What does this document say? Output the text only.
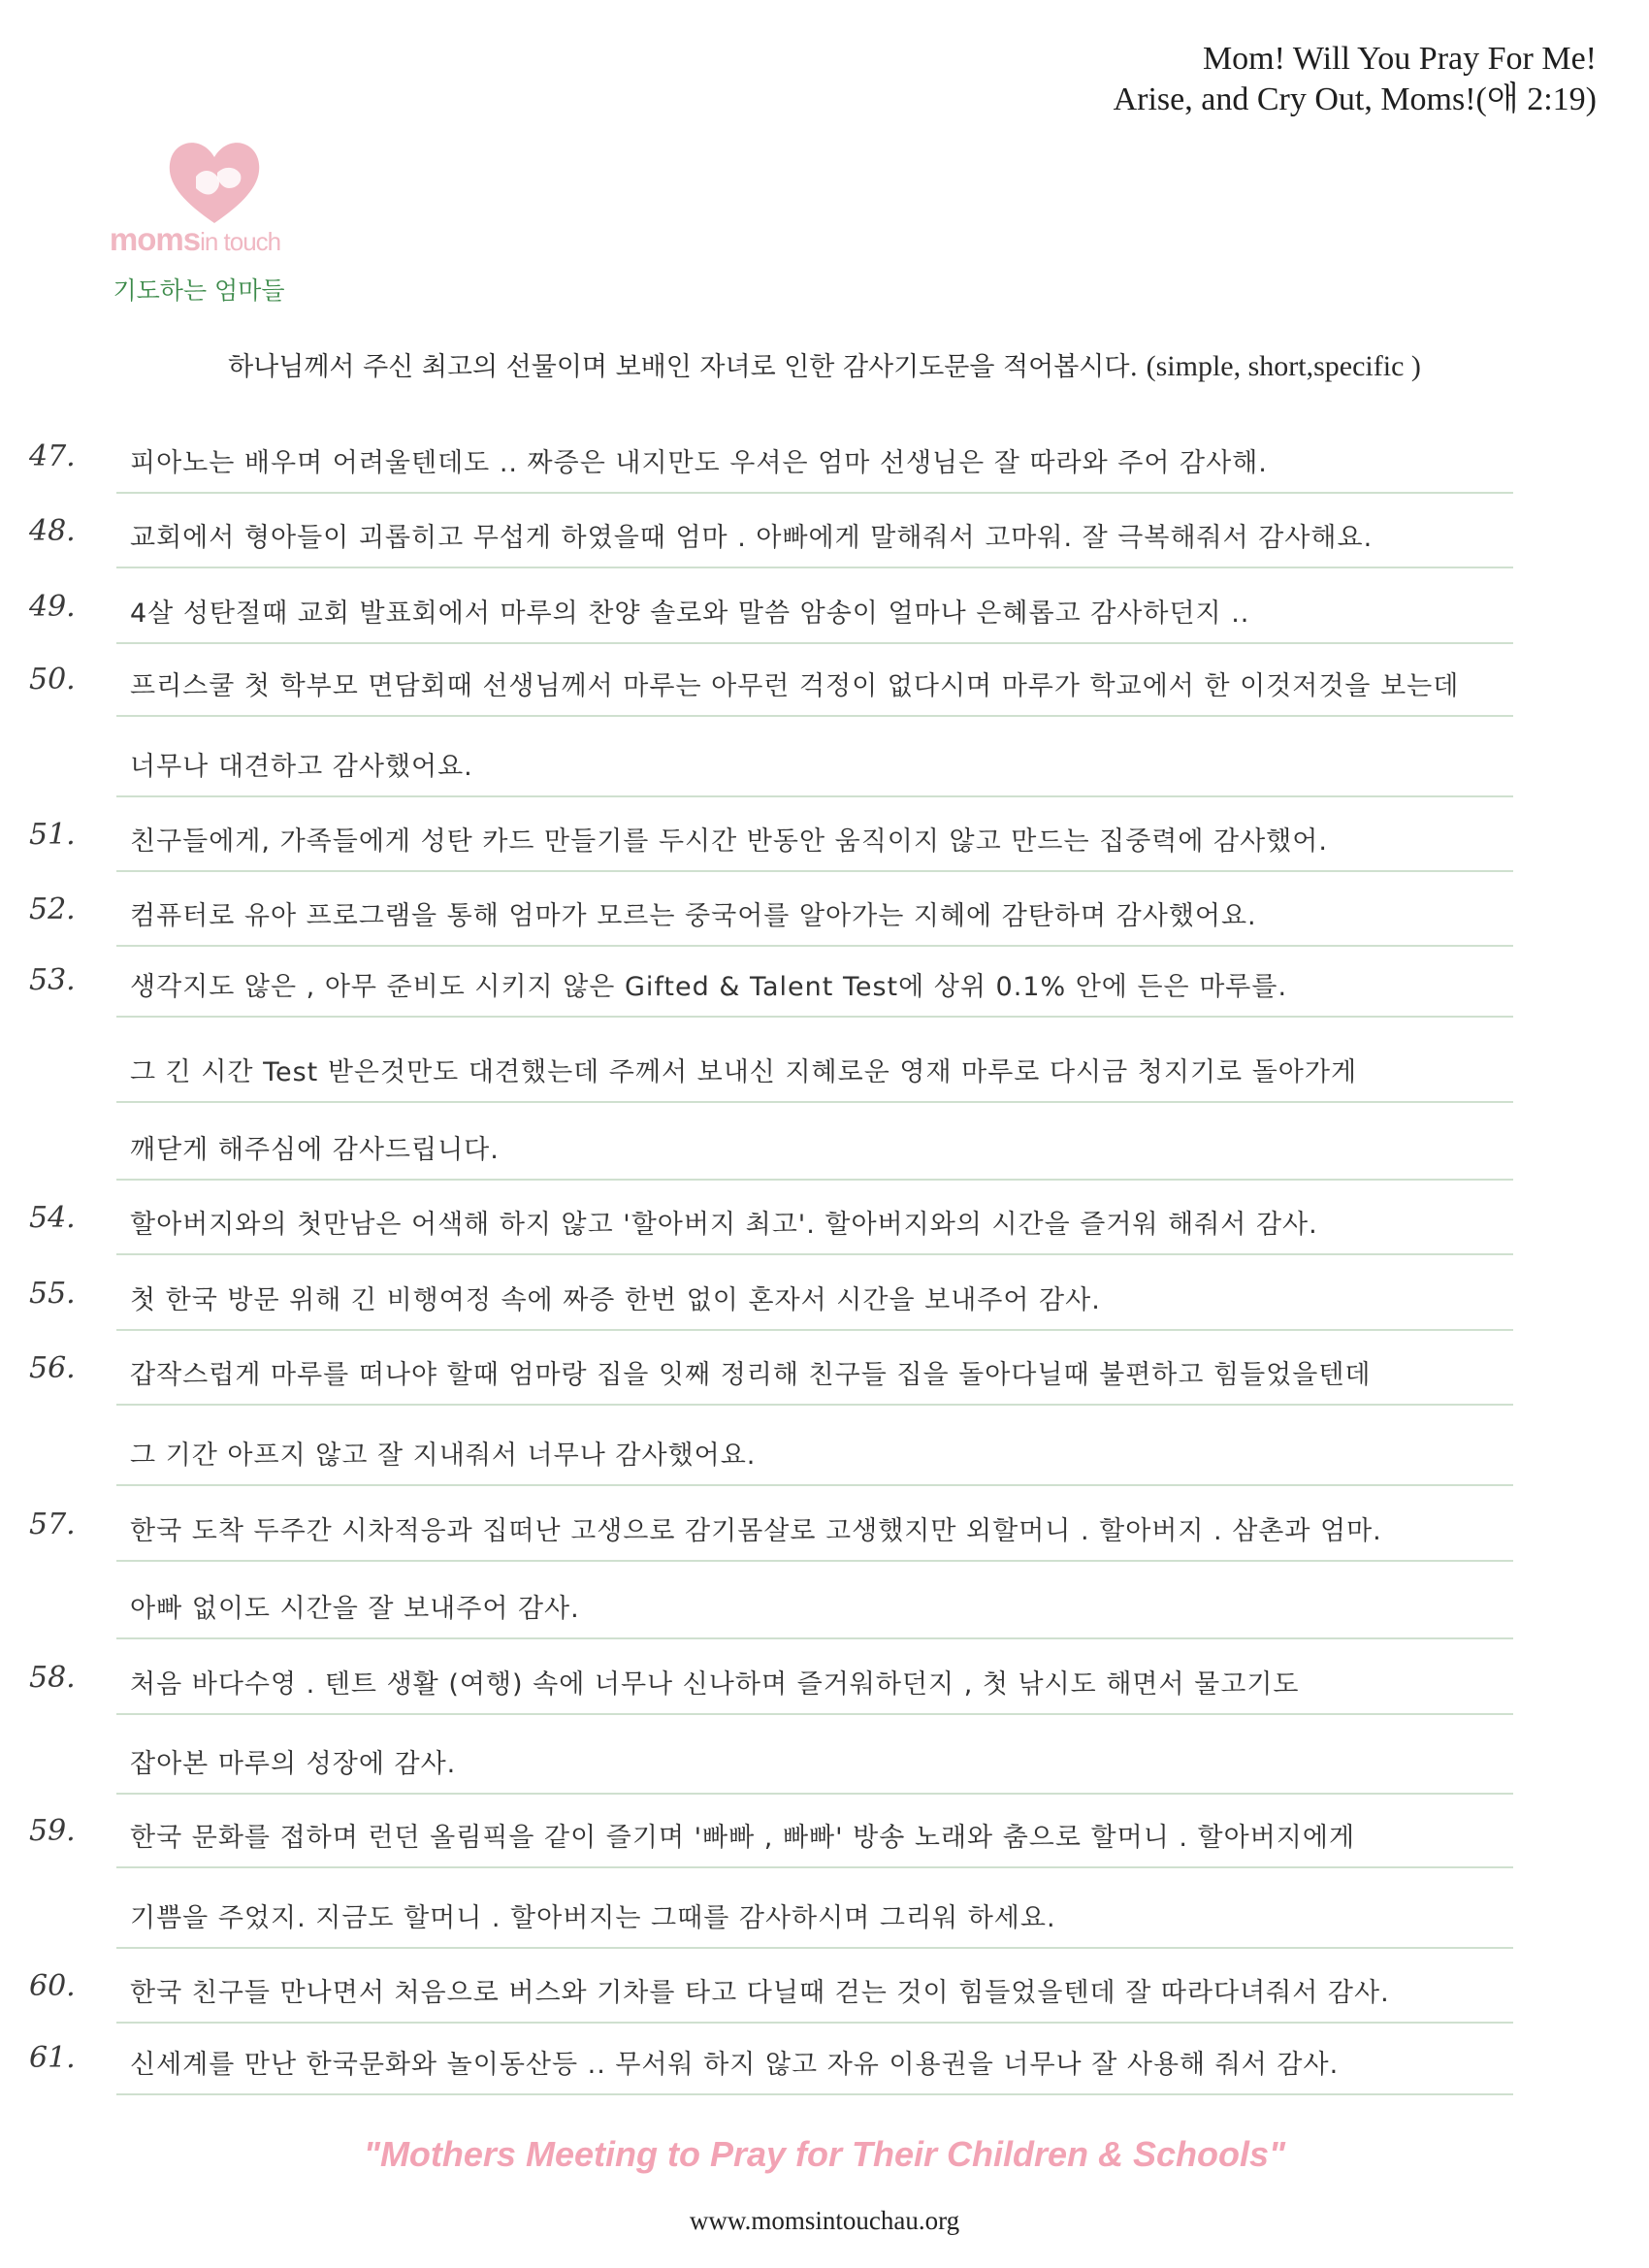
Mom! Will You Pray For Me!
Arise, and Cry Out, Moms!(애 2:19)
momsin touch
기도하는 엄마들
하나님께서 주신 최고의 선물이며 보배인 자녀로 인한 감사기도문을 적어봅시다. (simple, short,specific )
47.	피아노는 배우며 어려울텐데도 .. 짜증은 내지만도 우셔은 엄마 선생님은 잘 따라와 주어 감사해.
48.	교회에서 형아들이 괴롭히고 무섭게 하였을때 엄마 . 아빠에게 말해줘서 고마워. 잘 극복해줘서 감사해요.
49.	4살 성탄절때 교회 발표회에서 마루의 찬양 솔로와 말씀 암송이 얼마나 은혜롭고 감사하던지 ..
50.	프리스쿨 첫 학부모 면담회때 선생님께서 마루는 아무런 걱정이 없다시며 마루가 학교에서 한 이것저것을 보는데
너무나 대견하고 감사했어요.
51.	친구들에게, 가족들에게 성탄 카드 만들기를 두시간 반동안 움직이지 않고 만드는 집중력에 감사했어.
52.	컴퓨터로 유아 프로그램을 통해 엄마가 모르는 중국어를 알아가는 지혜에 감탄하며 감사했어요.
53.	생각지도 않은 , 아무 준비도 시키지 않은 Gifted & Talent Test에 상위 0.1% 안에 든은 마루를.
그 긴 시간 Test 받은것만도 대견했는데 주께서 보내신 지혜로운 영재 마루로 다시금 청지기로 돌아가게
깨닫게 해주심에 감사드립니다.
54.	할아버지와의 첫만남은 어색해 하지 않고 '할아버지 최고'. 할아버지와의 시간을 즐거워 해줘서 감사.
55.	첫 한국 방문 위해 긴 비행여정 속에 짜증 한번 없이 혼자서 시간을 보내주어 감사.
56.	갑작스럽게 마루를 떠나야 할때 엄마랑 집을 잇째 정리해 친구들 집을 돌아다닐때 불편하고 힘들었을텐데
그 기간 아프지 않고 잘 지내줘서 너무나 감사했어요.
57.	한국 도착 두주간 시차적응과 집떠난 고생으로 감기몸살로 고생했지만 외할머니 . 할아버지 . 삼촌과 엄마.
아빠 없이도 시간을 잘 보내주어 감사.
58.	처음 바다수영 . 텐트 생활 (여행) 속에 너무나 신나하며 즐거워하던지 , 첫 낚시도 해면서 물고기도
잡아본 마루의 성장에 감사.
59.	한국 문화를 접하며 런던 올림픽을 같이 즐기며 '빠빠 , 빠빠' 방송 노래와 춤으로 할머니 . 할아버지에게
기쁨을 주었지. 지금도 할머니 . 할아버지는 그때를 감사하시며 그리워 하세요.
60.	한국 친구들 만나면서 처음으로 버스와 기차를 타고 다닐때 걷는 것이 힘들었을텐데 잘 따라다녀줘서 감사.
61.	신세계를 만난 한국문화와 놀이동산등 .. 무서워 하지 않고 자유 이용권을 너무나 잘 사용해 줘서 감사.
"Mothers Meeting to Pray for Their Children & Schools"
www.momsintouchau.org
